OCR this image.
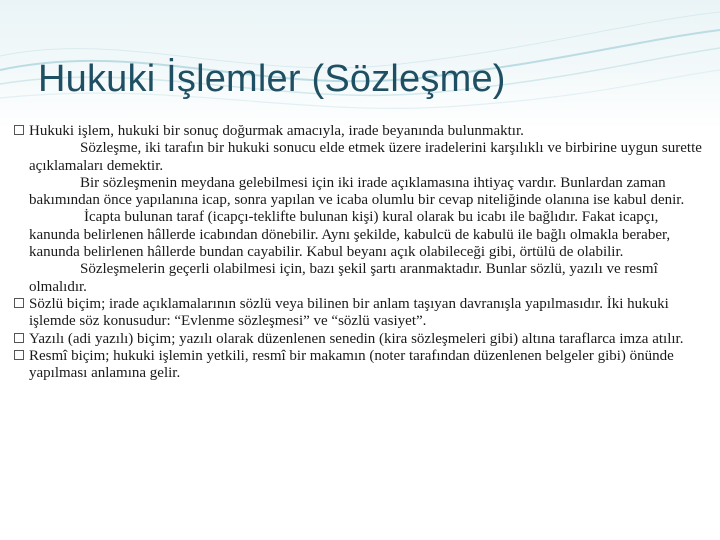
Hukuki İşlemler (Sözleşme)

Hukuki işlem, hukuki bir sonuç doğurmak amacıyla, irade beyanında bulunmaktır.

Sözleşme, iki tarafın bir hukuki sonucu elde etmek üzere iradelerini karşılıklı ve birbirine uygun surette açıklamaları demektir.

Bir sözleşmenin meydana gelebilmesi için iki irade açıklamasına ihtiyaç vardır. Bunlardan zaman bakımından önce yapılanına icap, sonra yapılan ve icaba olumlu bir cevap niteliğinde olanına ise kabul denir.

İcapta bulunan taraf (icapçı-teklifte bulunan kişi) kural olarak bu icabı ile bağlıdır. Fakat icapçı, kanunda belirlenen hâllerde icabından dönebilir. Aynı şekilde, kabulcü de kabulü ile bağlı olmakla beraber, kanunda belirlenen hâllerde bundan cayabilir. Kabul beyanı açık olabileceği gibi, örtülü de olabilir.

Sözleşmelerin geçerli olabilmesi için, bazı şekil şartı aranmaktadır. Bunlar sözlü, yazılı ve resmî olmalıdır.

Sözlü biçim; irade açıklamalarının sözlü veya bilinen bir anlam taşıyan davranışla yapılmasıdır. İki hukuki işlemde söz konusudur: “Evlenme sözleşmesi” ve “sözlü vasiyet”.

Yazılı (adi yazılı) biçim; yazılı olarak düzenlenen senedin (kira sözleşmeleri gibi) altına taraflarca imza atılır.

Resmî biçim; hukuki işlemin yetkili, resmî bir makamın (noter tarafından düzenlenen belgeler gibi) önünde yapılması anlamına gelir.
